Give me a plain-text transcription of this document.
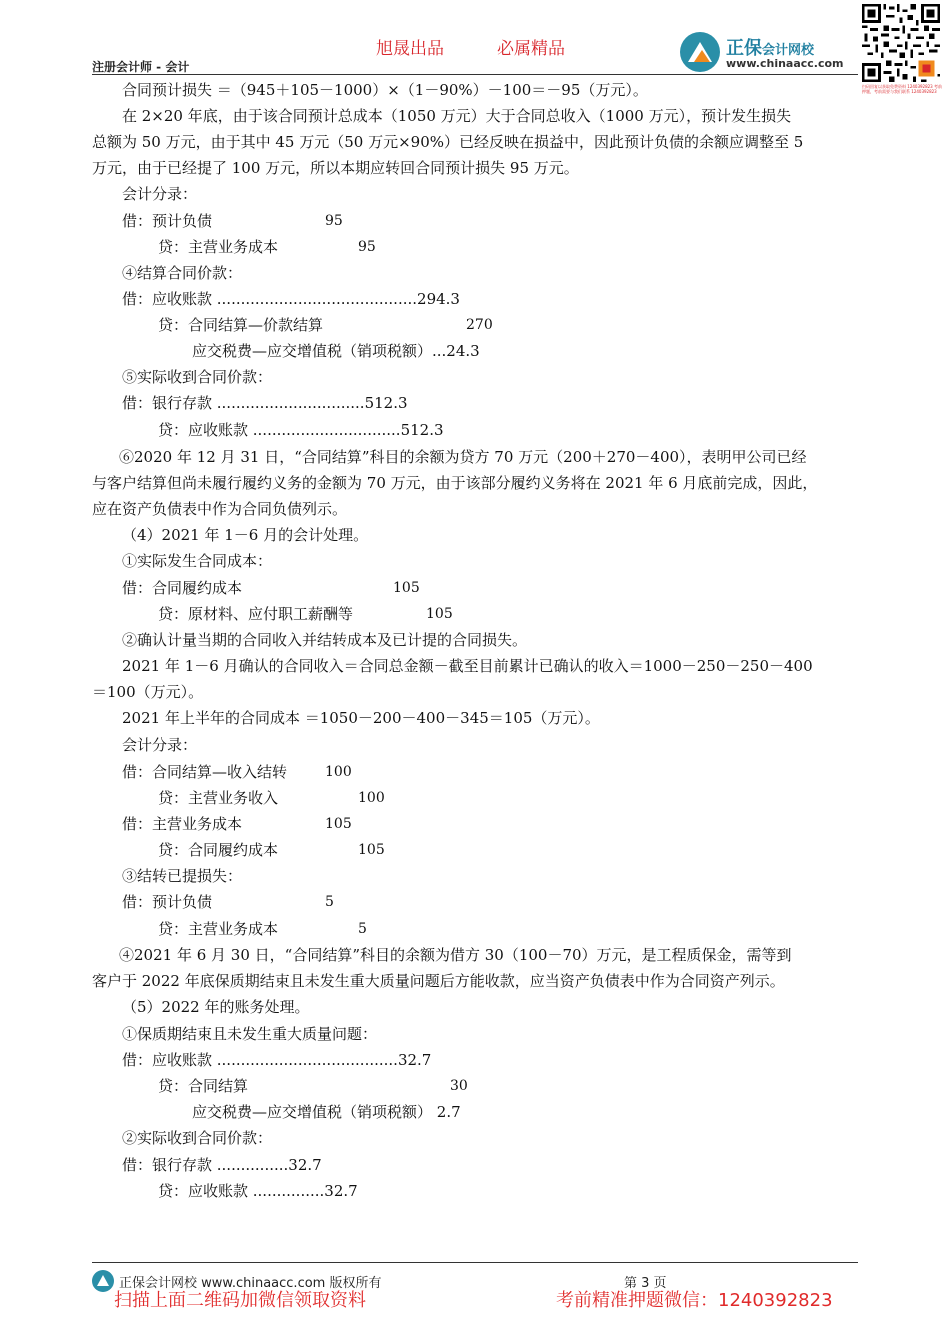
旭晟出品	必属精品
注册会计师 - 会计
正保会计网校
www.chinaacc.com
扫码回复以获取免费资料 1240392823 考前押题，考前需要与我们联系 1240392823
合同预计损失 ＝（945＋105－1000）×（1－90%）－100＝－95（万元）。
在 2×20 年底，由于该合同预计总成本（1050 万元）大于合同总收入（1000 万元），预计发生损失
总额为 50 万元，由于其中 45 万元（50 万元×90%）已经反映在损益中，因此预计负债的余额应调整至 5
万元，由于已经提了 100 万元，所以本期应转回合同预计损失 95 万元。
会计分录：
借：预计负债	95
贷：主营业务成本	95
④结算合同价款：
借：应收账款 ..........................................294.3
贷：合同结算—价款结算	270
应交税费—应交增值税（销项税额）...24.3
⑤实际收到合同价款：
借：银行存款 ...............................512.3
贷：应收账款 ...............................512.3
⑥2020 年 12 月 31 日，“合同结算”科目的余额为贷方 70 万元（200＋270－400），表明甲公司已经
与客户结算但尚未履行履约义务的金额为 70 万元，由于该部分履约义务将在 2021 年 6 月底前完成，因此，
应在资产负债表中作为合同负债列示。
（4）2021 年 1－6 月的会计处理。
①实际发生合同成本：
借：合同履约成本	105
贷：原材料、应付职工薪酬等	105
②确认计量当期的合同收入并结转成本及已计提的合同损失。
2021 年 1－6 月确认的合同收入＝合同总金额－截至目前累计已确认的收入＝1000－250－250－400
＝100（万元）。
2021 年上半年的合同成本 ＝1050－200－400－345＝105（万元）。
会计分录：
借：合同结算—收入结转	100
贷：主营业务收入	100
借：主营业务成本	105
贷：合同履约成本	105
③结转已提损失：
借：预计负债	5
贷：主营业务成本	5
④2021 年 6 月 30 日，“合同结算”科目的余额为借方 30（100－70）万元，是工程质保金，需等到
客户于 2022 年底保质期结束且未发生重大质量问题后方能收款，应当资产负债表中作为合同资产列示。
（5）2022 年的账务处理。
①保质期结束且未发生重大质量问题：
借：应收账款 ......................................32.7
贷：合同结算	30
应交税费—应交增值税（销项税额） 2.7
②实际收到合同价款：
借：银行存款 ...............32.7
贷：应收账款 ...............32.7
正保会计网校 www.chinaacc.com 版权所有	第 3 页
扫描上面二维码加微信领取资料	考前精准押题微信：1240392823
